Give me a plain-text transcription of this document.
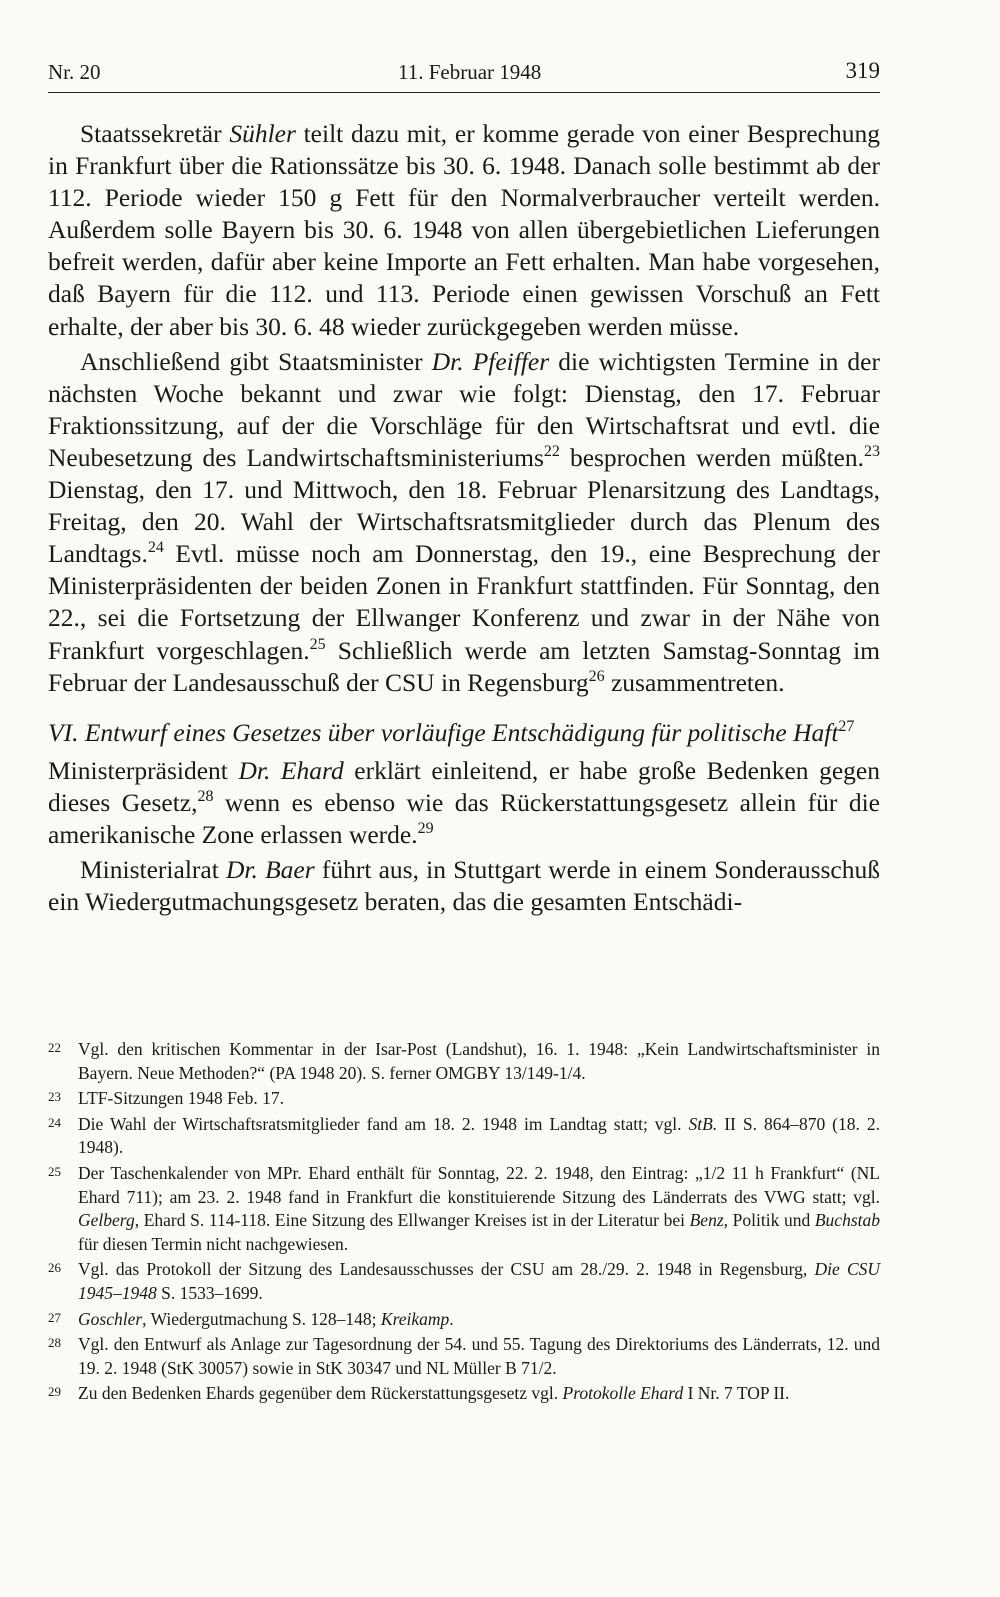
Nr. 20	11. Februar 1948	319

Staatssekretär Sühler teilt dazu mit, er komme gerade von einer Besprechung in Frankfurt über die Rationssätze bis 30. 6. 1948. Danach solle bestimmt ab der 112. Periode wieder 150 g Fett für den Normalverbraucher verteilt werden. Außerdem solle Bayern bis 30. 6. 1948 von allen übergebietlichen Lieferungen befreit werden, dafür aber keine Importe an Fett erhalten. Man habe vorgesehen, daß Bayern für die 112. und 113. Periode einen gewissen Vorschuß an Fett erhalte, der aber bis 30. 6. 48 wieder zurückgegeben werden müsse.

Anschließend gibt Staatsminister Dr. Pfeiffer die wichtigsten Termine in der nächsten Woche bekannt und zwar wie folgt: Dienstag, den 17. Februar Fraktionssitzung, auf der die Vorschläge für den Wirtschaftsrat und evtl. die Neubesetzung des Landwirtschaftsministeriums$^{22}$ besprochen werden müßten.$^{23}$ Dienstag, den 17. und Mittwoch, den 18. Februar Plenarsitzung des Landtags, Freitag, den 20. Wahl der Wirtschaftsratsmitglieder durch das Plenum des Landtags.$^{24}$ Evtl. müsse noch am Donnerstag, den 19., eine Besprechung der Ministerpräsidenten der beiden Zonen in Frankfurt stattfinden. Für Sonntag, den 22., sei die Fortsetzung der Ellwanger Konferenz und zwar in der Nähe von Frankfurt vorgeschlagen.$^{25}$ Schließlich werde am letzten Samstag-Sonntag im Februar der Landesausschuß der CSU in Regensburg$^{26}$ zusammentreten.

VI. Entwurf eines Gesetzes über vorläufige Entschädigung für politische Haft$^{27}$

Ministerpräsident Dr. Ehard erklärt einleitend, er habe große Bedenken gegen dieses Gesetz,$^{28}$ wenn es ebenso wie das Rückerstattungsgesetz allein für die amerikanische Zone erlassen werde.$^{29}$

Ministerialrat Dr. Baer führt aus, in Stuttgart werde in einem Sonderausschuß ein Wiedergutmachungsgesetz beraten, das die gesamten Entschädi-

22 Vgl. den kritischen Kommentar in der Isar-Post (Landshut), 16. 1. 1948: „Kein Landwirtschaftsminister in Bayern. Neue Methoden?“ (PA 1948 20). S. ferner OMGBY 13/149-1/4.
23 LTF-Sitzungen 1948 Feb. 17.
24 Die Wahl der Wirtschaftsratsmitglieder fand am 18. 2. 1948 im Landtag statt; vgl. StB. II S. 864–870 (18. 2. 1948).
25 Der Taschenkalender von MPr. Ehard enthält für Sonntag, 22. 2. 1948, den Eintrag: „1/2 11 h Frankfurt“ (NL Ehard 711); am 23. 2. 1948 fand in Frankfurt die konstituierende Sitzung des Länderrats des VWG statt; vgl. Gelberg, Ehard S. 114-118. Eine Sitzung des Ellwanger Kreises ist in der Literatur bei Benz, Politik und Buchstab für diesen Termin nicht nachgewiesen.
26 Vgl. das Protokoll der Sitzung des Landesausschusses der CSU am 28./29. 2. 1948 in Regensburg, Die CSU 1945–1948 S. 1533–1699.
27 Goschler, Wiedergutmachung S. 128–148; Kreikamp.
28 Vgl. den Entwurf als Anlage zur Tagesordnung der 54. und 55. Tagung des Direktoriums des Länderrats, 12. und 19. 2. 1948 (StK 30057) sowie in StK 30347 und NL Müller B 71/2.
29 Zu den Bedenken Ehards gegenüber dem Rückerstattungsgesetz vgl. Protokolle Ehard I Nr. 7 TOP II.
